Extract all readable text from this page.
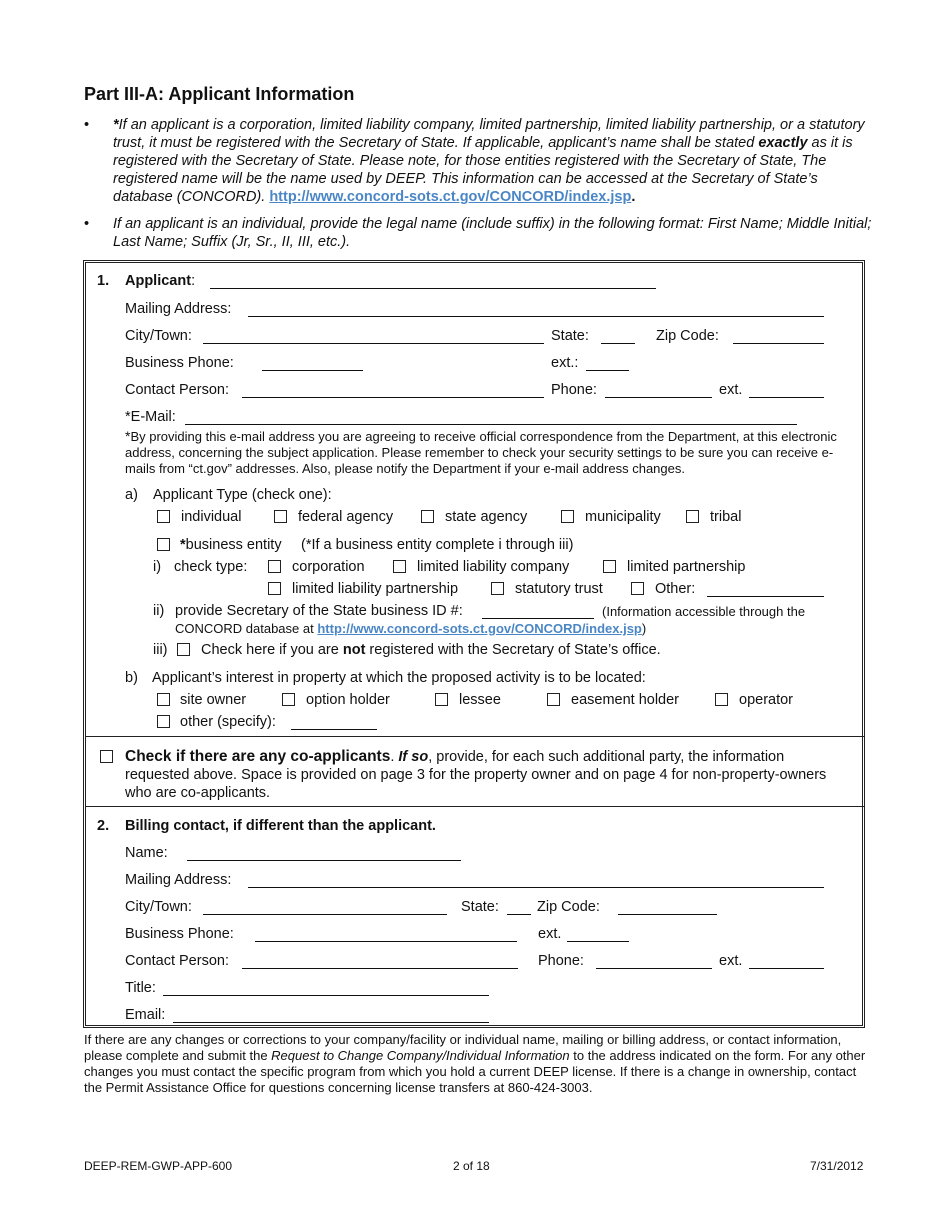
Part III-A: Applicant Information
• *If an applicant is a corporation, limited liability company, limited partnership, limited liability partnership, or a statutory trust, it must be registered with the Secretary of State. If applicable, applicant’s name shall be stated exactly as it is registered with the Secretary of State. Please note, for those entities registered with the Secretary of State, The registered name will be the name used by DEEP. This information can be accessed at the Secretary of State’s database (CONCORD). http://www.concord-sots.ct.gov/CONCORD/index.jsp.
• If an applicant is an individual, provide the legal name (include suffix) in the following format: First Name; Middle Initial; Last Name; Suffix (Jr, Sr., II, III, etc.).
1. Applicant:
Mailing Address:
City/Town:	State:	Zip Code:
Business Phone:	ext.:
Contact Person:	Phone:	ext.
*E-Mail:
*By providing this e-mail address you are agreeing to receive official correspondence from the Department, at this electronic address, concerning the subject application. Please remember to check your security settings to be sure you can receive e-mails from “ct.gov” addresses. Also, please notify the Department if your e-mail address changes.
a) Applicant Type (check one):
individual	federal agency	state agency	municipality	tribal
*business entity (*If a business entity complete i through iii)
i) check type:	corporation	limited liability company	limited partnership
limited liability partnership	statutory trust	Other:
ii) provide Secretary of the State business ID #:	(Information accessible through the
CONCORD database at http://www.concord-sots.ct.gov/CONCORD/index.jsp)
iii) Check here if you are not registered with the Secretary of State’s office.
b) Applicant’s interest in property at which the proposed activity is to be located:
site owner	option holder	lessee	easement holder	operator
other (specify):
Check if there are any co-applicants. If so, provide, for each such additional party, the information requested above. Space is provided on page 3 for the property owner and on page 4 for non-property-owners who are co-applicants.
2. Billing contact, if different than the applicant.
Name:
Mailing Address:
City/Town:	State:	Zip Code:
Business Phone:	ext.
Contact Person:	Phone:	ext.
Title:
Email:
If there are any changes or corrections to your company/facility or individual name, mailing or billing address, or contact information, please complete and submit the Request to Change Company/Individual Information to the address indicated on the form. For any other changes you must contact the specific program from which you hold a current DEEP license. If there is a change in ownership, contact the Permit Assistance Office for questions concerning license transfers at 860-424-3003.
DEEP-REM-GWP-APP-600	2 of 18	7/31/2012
